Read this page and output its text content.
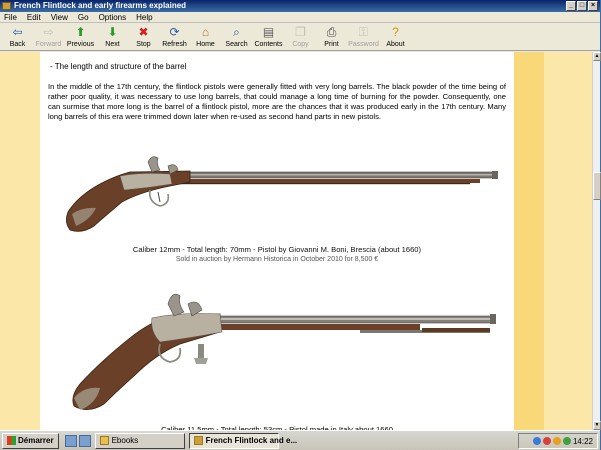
French Flintlock and early firearms explained	_ □ ×
File Edit View Go Options Help
⇦
Back
⇨
Forward
⬆
Previous
⬇
Next
✖
Stop
⟳
Refresh
⌂
Home
⌕
Search
▤
Contents
❐
Copy
⎙
Print
⚿
Password
?
About
- The length and structure of the barrel
In the middle of the 17th century, the flintlock pistols were generally fitted with very long barrels. The black powder of the time being of rather poor quality, it was necessary to use long barrels, that could manage a long time of burning for the powder. Consequently, one can surmise that more long is the barrel of a flintlock pistol, more are the chances that it was produced early in the 17th century. Many long barrels of this era were trimmed down later when re-used as second hand parts in new pistols.
Caliber 12mm - Total length: 70mm - Pistol by Giovanni M. Boni, Brescia (about 1660)
Sold in auction by Hermann Historica in October 2010 for 8,500 €
▲
▼
Démarrer	Ebooks	French Flintlock and e...	14:22
